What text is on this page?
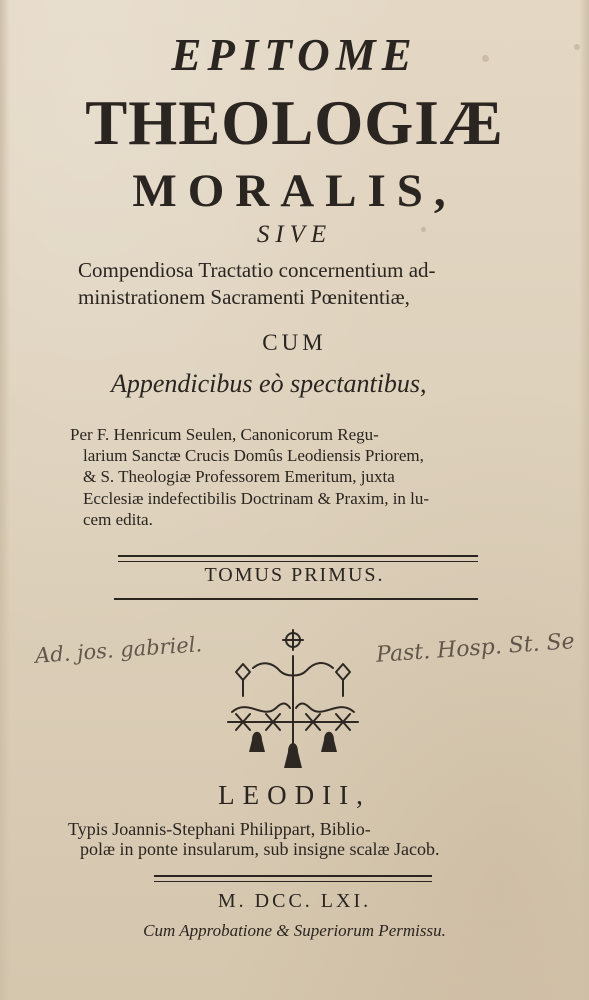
EPITOME
THEOLOGIÆ
MORALIS,

SIVE

Compendiosa Tractatio concernentium ad-

ministrationem Sacramenti Pœnitentiæ,

CUM

Appendicibus eò spectantibus,

Per F. Henricum Seulen, Canonicorum Regu-

larium Sanctæ Crucis Domûs Leodiensis Priorem,

& S. Theologiæ Professorem Emeritum, juxta

Ecclesiæ indefectibilis Doctrinam & Praxim, in lu-

cem edita.

TOMUS PRIMUS.

Ad. jos. gabriel.	Past. Hosp. St. Se

LEODII,

Typis Joannis-Stephani Philippart, Biblio-

polæ in ponte insularum, sub insigne scalæ Jacob.

M. DCC. LXI.

Cum Approbatione & Superiorum Permissu.
